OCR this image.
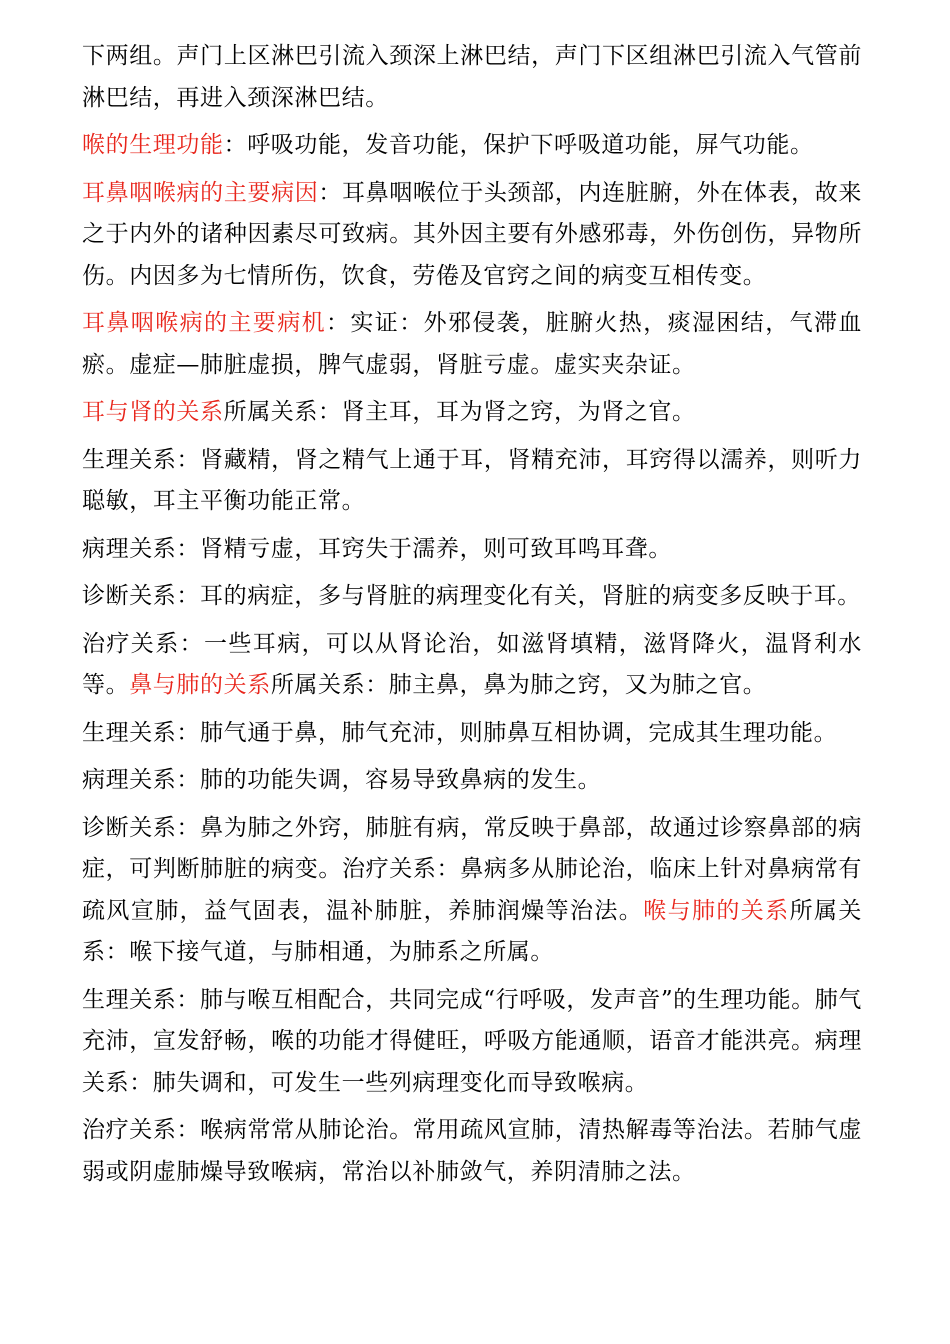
下两组。声门上区淋巴引流入颈深上淋巴结，声门下区组淋巴引流入气管前淋巴结，再进入颈深淋巴结。

喉的生理功能：呼吸功能，发音功能，保护下呼吸道功能，屏气功能。

耳鼻咽喉病的主要病因：耳鼻咽喉位于头颈部，内连脏腑，外在体表，故来之于内外的诸种因素尽可致病。其外因主要有外感邪毒，外伤创伤，异物所伤。内因多为七情所伤，饮食，劳倦及官窍之间的病变互相传变。

耳鼻咽喉病的主要病机：实证：外邪侵袭，脏腑火热，痰湿困结，气滞血瘀。虚症—肺脏虚损，脾气虚弱，肾脏亏虚。虚实夹杂证。

耳与肾的关系所属关系：肾主耳，耳为肾之窍，为肾之官。

生理关系：肾藏精，肾之精气上通于耳，肾精充沛，耳窍得以濡养，则听力聪敏，耳主平衡功能正常。

病理关系：肾精亏虚，耳窍失于濡养，则可致耳鸣耳聋。

诊断关系：耳的病症，多与肾脏的病理变化有关，肾脏的病变多反映于耳。

治疗关系：一些耳病，可以从肾论治，如滋肾填精，滋肾降火，温肾利水等。鼻与肺的关系所属关系：肺主鼻，鼻为肺之窍，又为肺之官。

生理关系：肺气通于鼻，肺气充沛，则肺鼻互相协调，完成其生理功能。

病理关系：肺的功能失调，容易导致鼻病的发生。

诊断关系：鼻为肺之外窍，肺脏有病，常反映于鼻部，故通过诊察鼻部的病症，可判断肺脏的病变。治疗关系：鼻病多从肺论治，临床上针对鼻病常有疏风宣肺，益气固表，温补肺脏，养肺润燥等治法。喉与肺的关系所属关系：喉下接气道，与肺相通，为肺系之所属。

生理关系：肺与喉互相配合，共同完成“行呼吸，发声音”的生理功能。肺气充沛，宣发舒畅，喉的功能才得健旺，呼吸方能通顺，语音才能洪亮。病理关系：肺失调和，可发生一些列病理变化而导致喉病。

治疗关系：喉病常常从肺论治。常用疏风宣肺，清热解毒等治法。若肺气虚弱或阴虚肺燥导致喉病，常治以补肺敛气，养阴清肺之法。
